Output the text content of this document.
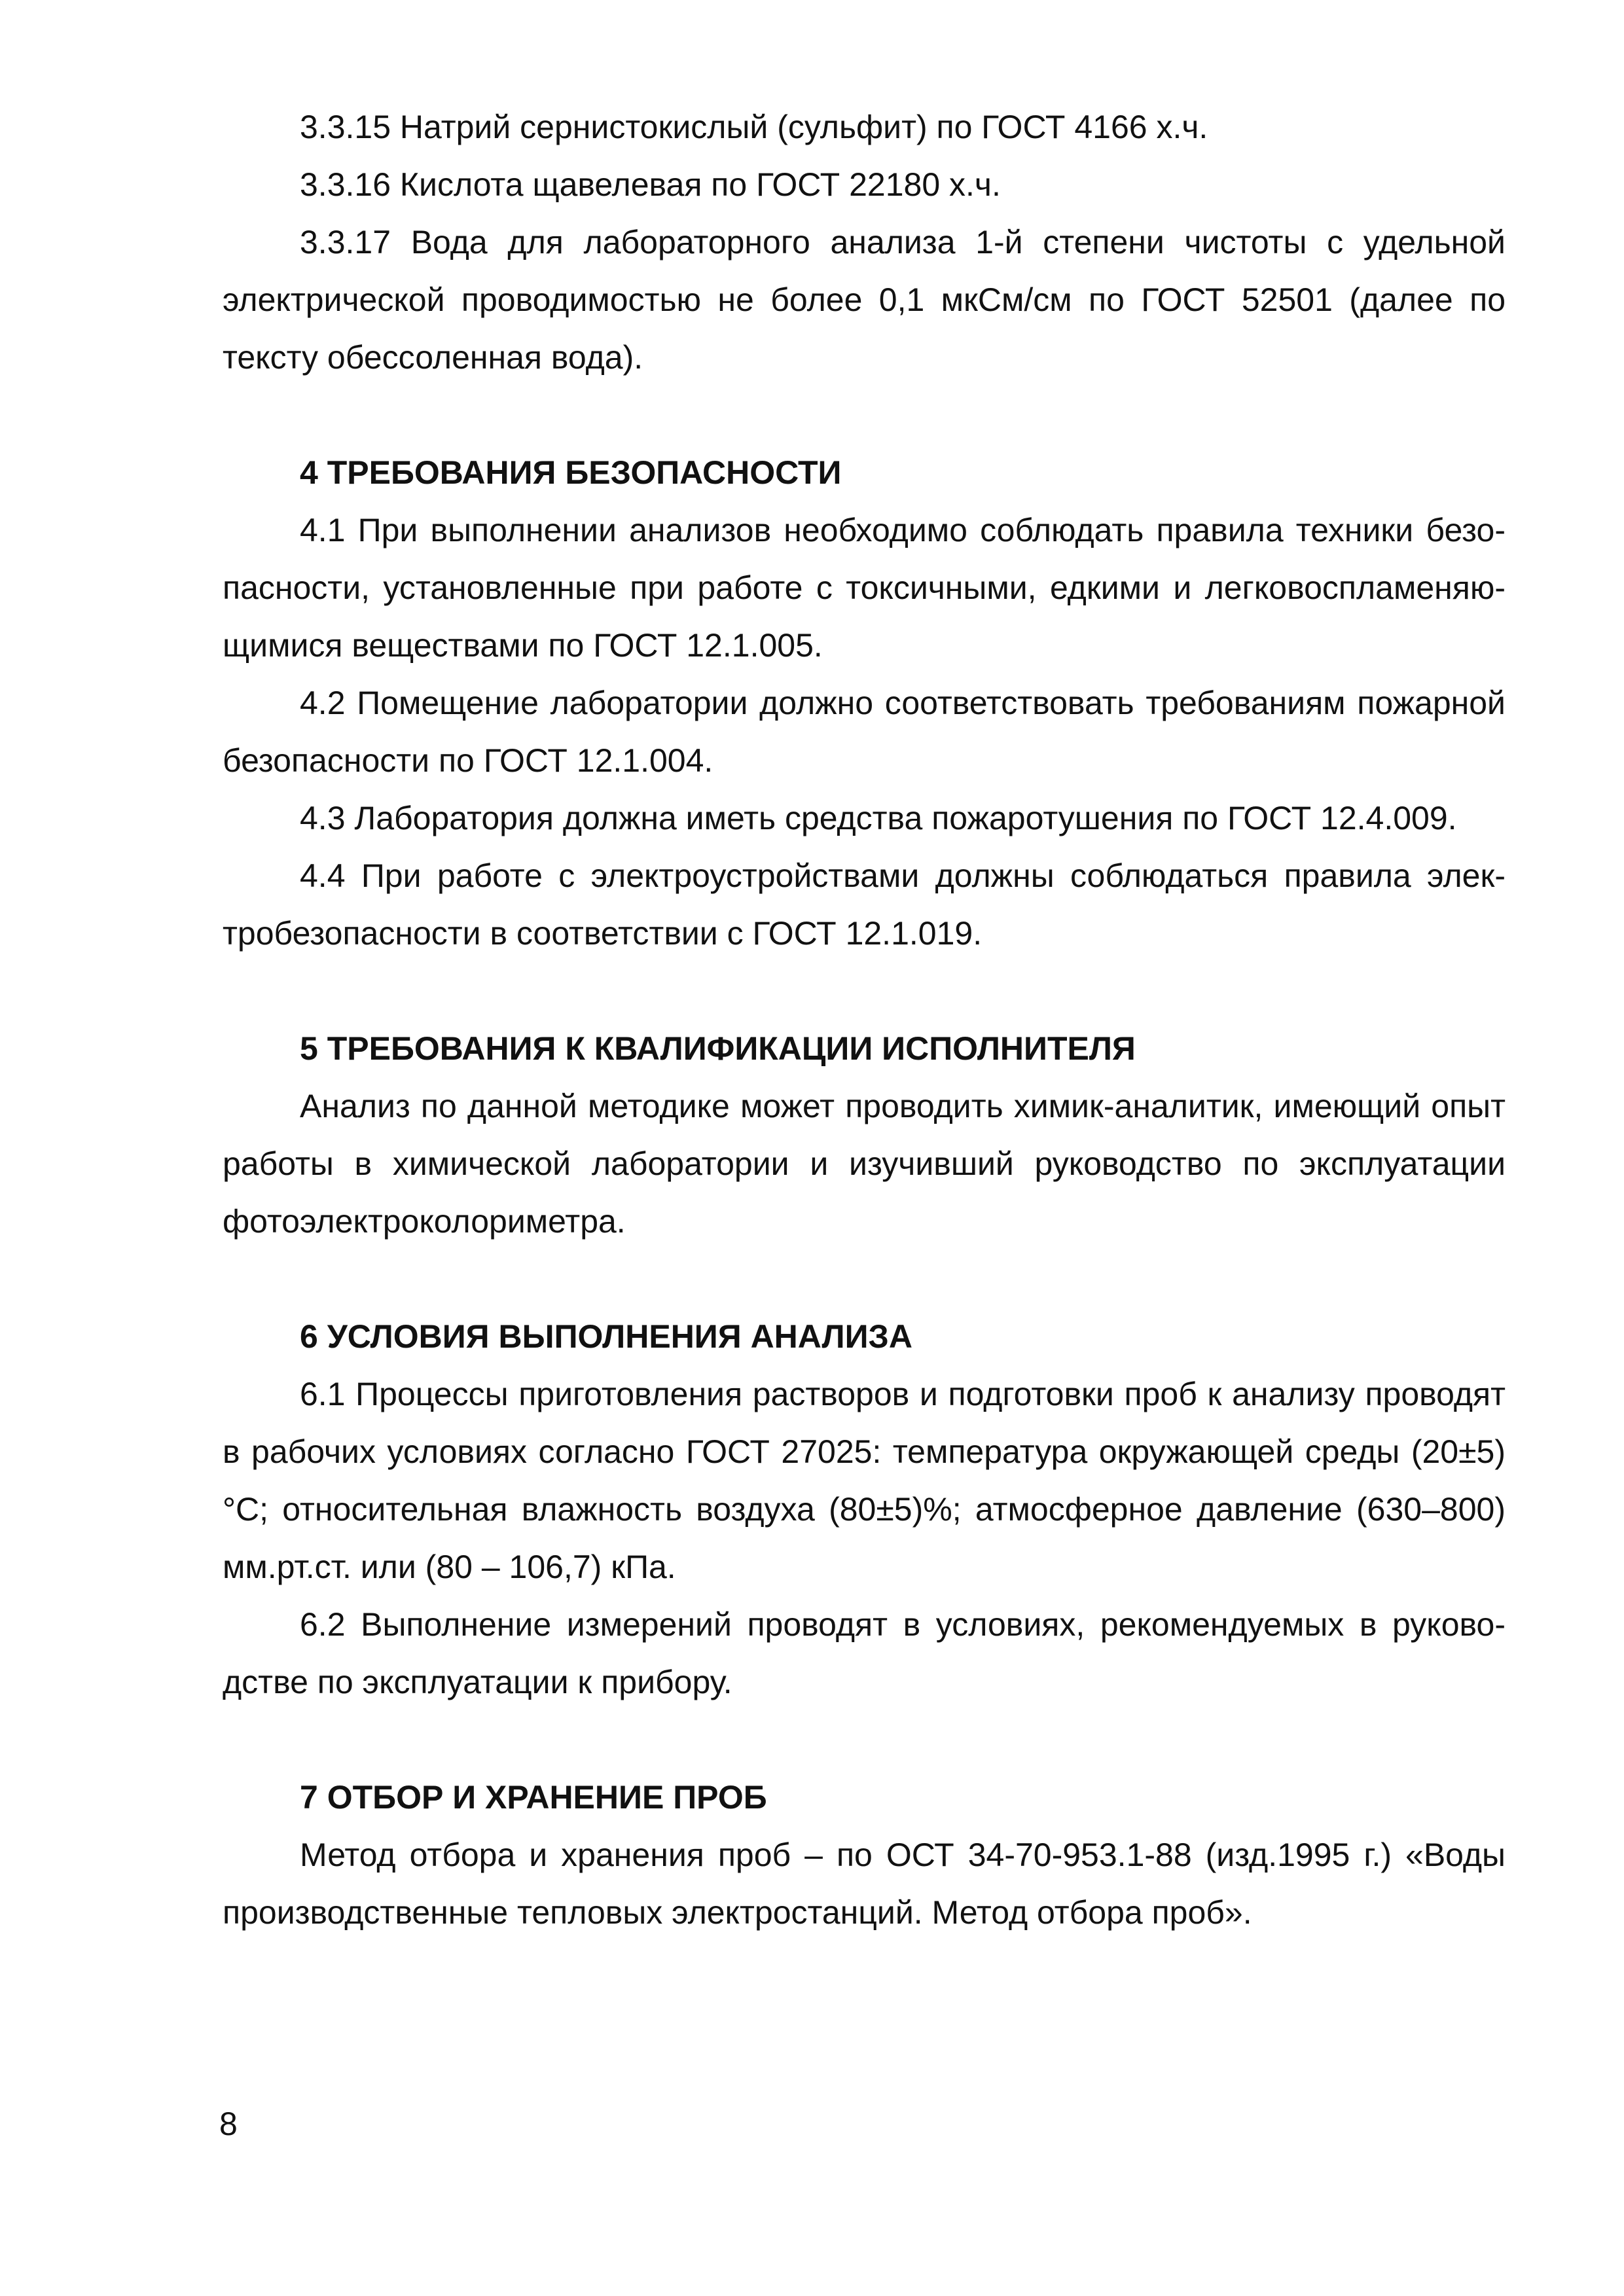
3.3.15 Натрий сернистокислый (сульфит) по ГОСТ 4166 х.ч.

3.3.16 Кислота щавелевая по ГОСТ 22180 х.ч.

3.3.17 Вода для лабораторного анализа 1-й степени чистоты с удельной электрической проводимостью не более 0,1 мкСм/см по ГОСТ 52501 (далее по тексту обессоленная вода).

4 ТРЕБОВАНИЯ БЕЗОПАСНОСТИ

4.1 При выполнении анализов необходимо соблюдать правила техники безопасности, установленные при работе с токсичными, едкими и легковоспламеняющимися веществами по ГОСТ 12.1.005.

4.2 Помещение лаборатории должно соответствовать требованиям пожарной безопасности по ГОСТ 12.1.004.

4.3 Лаборатория должна иметь средства пожаротушения по ГОСТ 12.4.009.

4.4 При работе с электроустройствами должны соблюдаться правила электробезопасности в соответствии с ГОСТ 12.1.019.

5 ТРЕБОВАНИЯ К КВАЛИФИКАЦИИ ИСПОЛНИТЕЛЯ

Анализ по данной методике может проводить химик-аналитик, имеющий опыт работы в химической лаборатории и изучивший руководство по эксплуатации фотоэлектроколориметра.

6 УСЛОВИЯ ВЫПОЛНЕНИЯ АНАЛИЗА

6.1 Процессы приготовления растворов и подготовки проб к анализу проводят в рабочих условиях согласно ГОСТ 27025: температура окружающей среды (20±5)°С; относительная влажность воздуха (80±5)%; атмосферное давление (630–800) мм.рт.ст. или (80 – 106,7) кПа.

6.2 Выполнение измерений проводят в условиях, рекомендуемых в руководстве по эксплуатации к прибору.

7 ОТБОР И ХРАНЕНИЕ ПРОБ

Метод отбора и хранения проб – по ОСТ 34-70-953.1-88 (изд.1995 г.) «Воды производственные тепловых электростанций. Метод отбора проб».

8
